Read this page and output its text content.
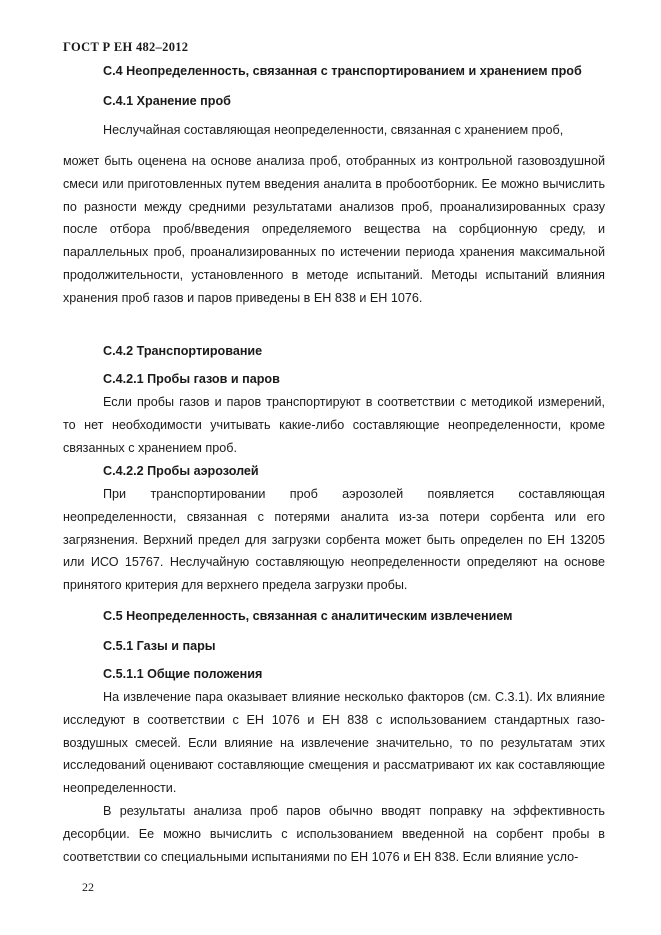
ГОСТ Р ЕН 482–2012
С.4 Неопределенность, связанная с транспортированием и хранением проб
С.4.1 Хранение проб
Неслучайная составляющая неопределенности, связанная с хранением проб,
может быть оценена на основе анализа проб, отобранных из контрольной газовоздушной смеси или приготовленных путем введения аналита в пробоотборник. Ее можно вычислить по разности между средними результатами анализов проб, проанализированных сразу после отбора проб/введения определяемого вещества на сорбционную среду, и параллельных проб, проанализированных по истечении периода хранения максимальной продолжительности, установленного в методе испытаний. Методы испытаний влияния хранения проб газов и паров приведены в ЕН 838 и ЕН 1076.
С.4.2 Транспортирование
С.4.2.1 Пробы газов и паров
Если пробы газов и паров транспортируют в соответствии с методикой измерений, то нет необходимости учитывать какие-либо составляющие неопределенности, кроме связанных с хранением проб.
С.4.2.2 Пробы аэрозолей
При транспортировании проб аэрозолей появляется составляющая неопределенности, связанная с потерями аналита из-за потери сорбента или его загрязнения. Верхний предел для загрузки сорбента может быть определен по ЕН 13205 или ИСО 15767. Неслучайную составляющую неопределенности определяют на основе принятого критерия для верхнего предела загрузки пробы.
С.5 Неопределенность, связанная с аналитическим извлечением
С.5.1 Газы и пары
С.5.1.1 Общие положения
На извлечение пара оказывает влияние несколько факторов (см. С.3.1). Их влияние исследуют в соответствии с ЕН 1076 и ЕН 838 с использованием стандартных газо-воздушных смесей. Если влияние на извлечение значительно, то по результатам этих исследований оценивают составляющие смещения и рассматривают их как составляющие неопределенности.
В результаты анализа проб паров обычно вводят поправку на эффективность десорбции. Ее можно вычислить с использованием введенной на сорбент пробы в соответствии со специальными испытаниями по ЕН 1076 и ЕН 838. Если влияние усло-
22
